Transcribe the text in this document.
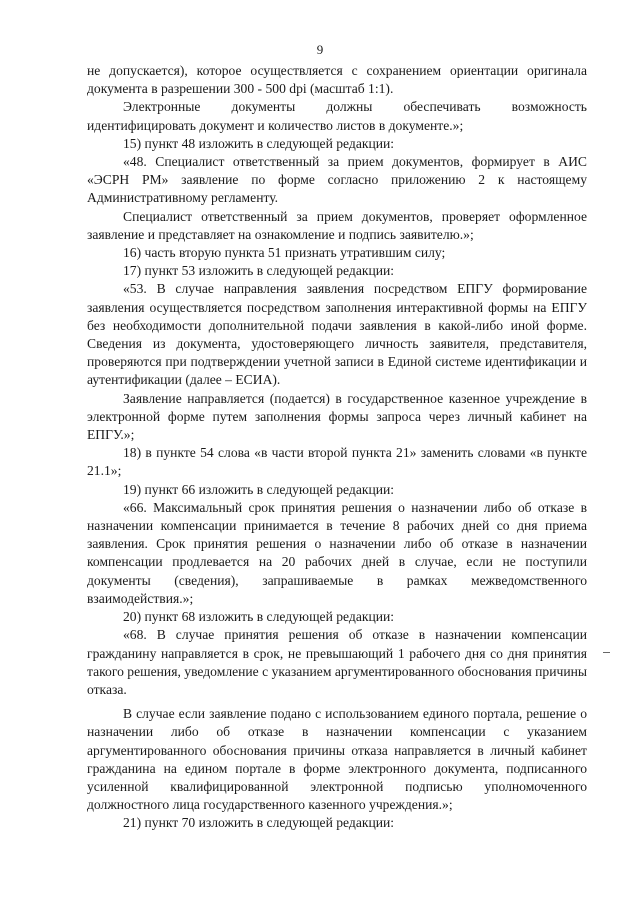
9

не допускается), которое осуществляется с сохранением ориентации оригинала документа в разрешении 300 - 500 dpi (масштаб 1:1).

Электронные документы должны обеспечивать возможность идентифицировать документ и количество листов в документе.»;

15) пункт 48 изложить в следующей редакции:

«48. Специалист ответственный за прием документов, формирует в АИС «ЭСРН РМ» заявление по форме согласно приложению 2 к настоящему Административному регламенту.

Специалист ответственный за прием документов, проверяет оформленное заявление и представляет на ознакомление и подпись заявителю.»;

16) часть вторую пункта 51 признать утратившим силу;

17) пункт 53 изложить в следующей редакции:

«53. В случае направления заявления посредством ЕПГУ формирование заявления осуществляется посредством заполнения интерактивной формы на ЕПГУ без необходимости дополнительной подачи заявления в какой-либо иной форме. Сведения из документа, удостоверяющего личность заявителя, представителя, проверяются при подтверждении учетной записи в Единой системе идентификации и аутентификации (далее – ЕСИА).

Заявление направляется (подается) в государственное казенное учреждение в электронной форме путем заполнения формы запроса через личный кабинет на ЕПГУ.»;

18) в пункте 54 слова «в части второй пункта 21» заменить словами «в пункте 21.1»;

19) пункт 66 изложить в следующей редакции:

«66. Максимальный срок принятия решения о назначении либо об отказе в назначении компенсации принимается в течение 8 рабочих дней со дня приема заявления. Срок принятия решения о назначении либо об отказе в назначении компенсации продлевается на 20 рабочих дней в случае, если не поступили документы (сведения), запрашиваемые в рамках межведомственного взаимодействия.»;

20) пункт 68 изложить в следующей редакции:

«68. В случае принятия решения об отказе в назначении компенсации гражданину направляется в срок, не превышающий 1 рабочего дня со дня принятия такого решения, уведомление с указанием аргументированного обоснования причины отказа.

В случае если заявление подано с использованием единого портала, решение о назначении либо об отказе в назначении компенсации с указанием аргументированного обоснования причины отказа направляется в личный кабинет гражданина на едином портале в форме электронного документа, подписанного усиленной квалифицированной электронной подписью уполномоченного должностного лица государственного казенного учреждения.»;

21) пункт 70 изложить в следующей редакции:
